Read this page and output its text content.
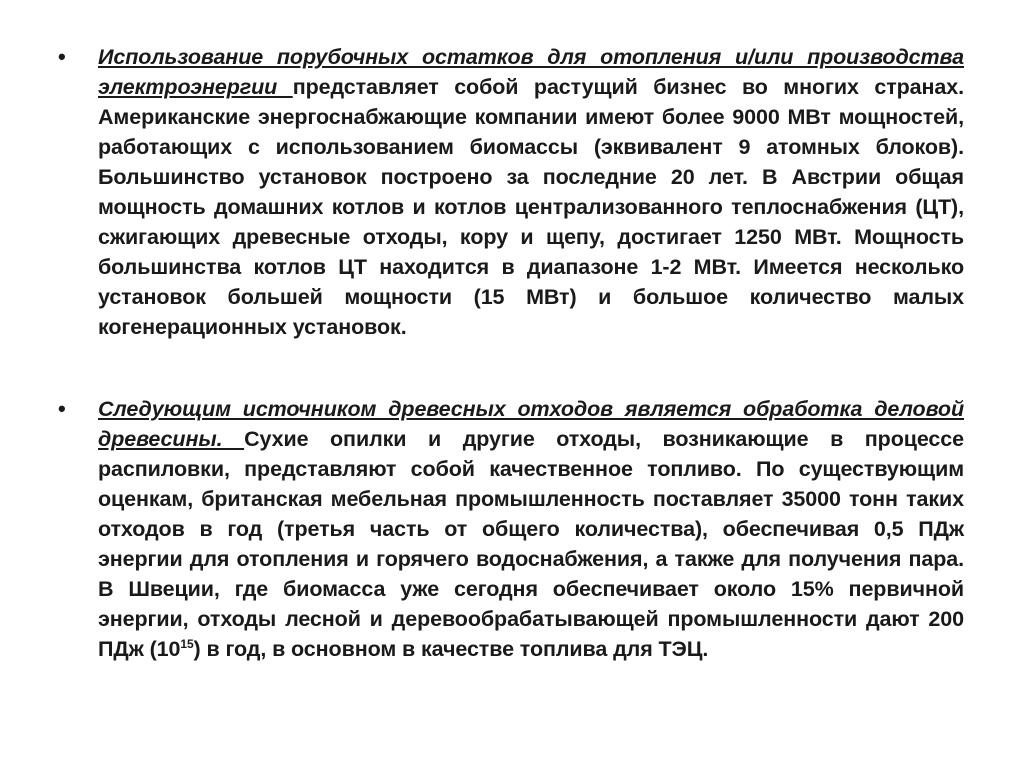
• Использование порубочных остатков для отопления и/или производства электроэнергии представляет собой растущий бизнес во многих странах. Американские энергоснабжающие компании имеют более 9000 МВт мощностей, работающих с использованием биомассы (эквивалент 9 атомных блоков). Большинство установок построено за последние 20 лет. В Австрии общая мощность домашних котлов и котлов централизованного теплоснабжения (ЦТ), сжигающих древесные отходы, кору и щепу, достигает 1250 МВт. Мощность большинства котлов ЦТ находится в диапазоне 1-2 МВт. Имеется несколько установок большей мощности (15 МВт) и большое количество малых когенерационных установок.

• Следующим источником древесных отходов является обработка деловой древесины. Сухие опилки и другие отходы, возникающие в процессе распиловки, представляют собой качественное топливо. По существующим оценкам, британская мебельная промышленность поставляет 35000 тонн таких отходов в год (третья часть от общего количества), обеспечивая 0,5 ПДж энергии для отопления и горячего водоснабжения, а также для получения пара. В Швеции, где биомасса уже сегодня обеспечивает около 15% первичной энергии, отходы лесной и деревообрабатывающей промышленности дают 200 ПДж $(10^{15})$ в год, в основном в качестве топлива для ТЭЦ.
